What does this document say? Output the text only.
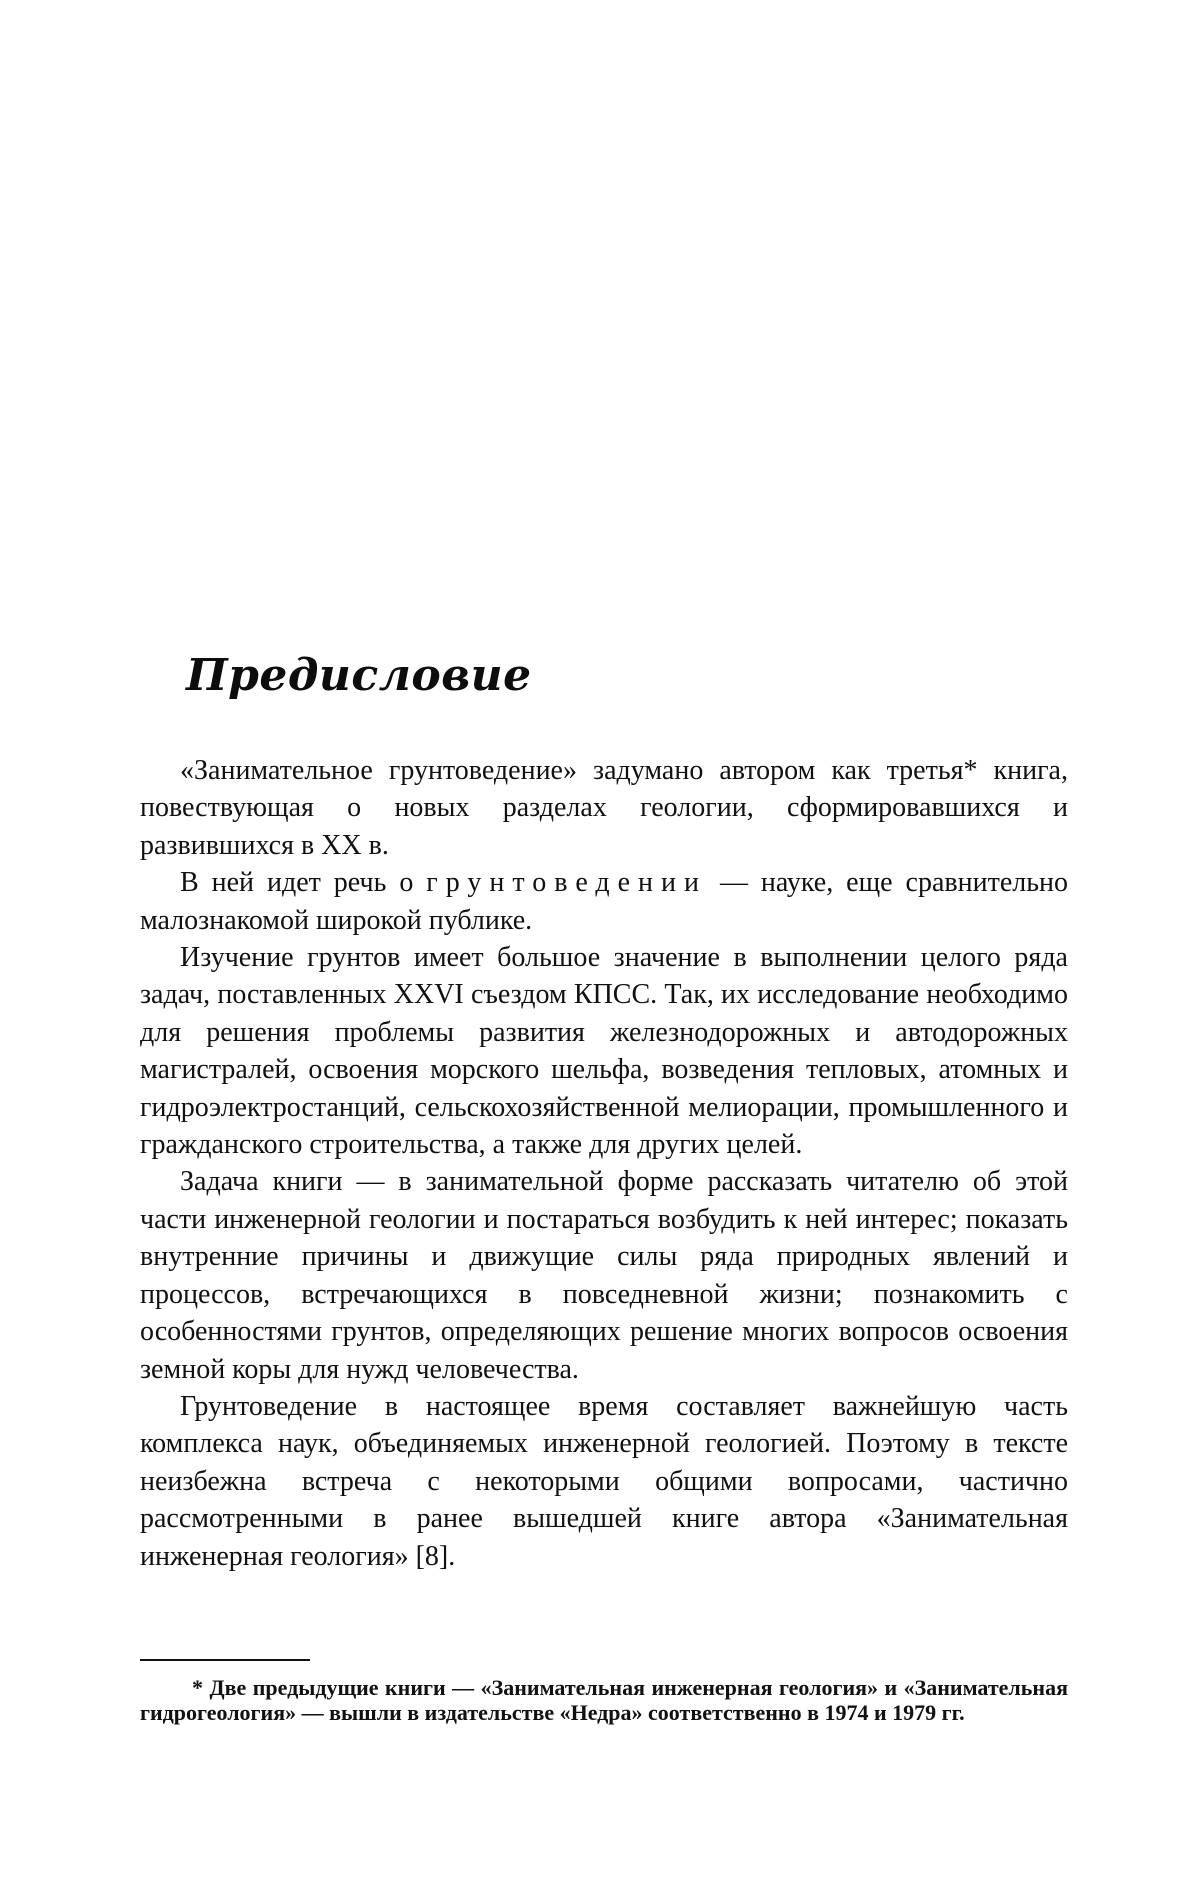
Предисловие

«Занимательное грунтоведение» задумано автором как третья* книга, повествующая о новых разделах геологии, сформировавшихся и развившихся в XX в.

В ней идет речь о грунтоведении — науке, еще сравнительно малознакомой широкой публике.

Изучение грунтов имеет большое значение в выполнении целого ряда задач, поставленных XXVI съездом КПСС. Так, их исследование необходимо для решения проблемы развития железнодорожных и автодорожных магистралей, освоения морского шельфа, возведения тепловых, атомных и гидроэлектростанций, сельскохозяйственной мелиорации, промышленного и гражданского строительства, а также для других целей.

Задача книги — в занимательной форме рассказать читателю об этой части инженерной геологии и постараться возбудить к ней интерес; показать внутренние причины и движущие силы ряда природных явлений и процессов, встречающихся в повседневной жизни; познакомить с особенностями грунтов, определяющих решение многих вопросов освоения земной коры для нужд человечества.

Грунтоведение в настоящее время составляет важнейшую часть комплекса наук, объединяемых инженерной геологией. Поэтому в тексте неизбежна встреча с некоторыми общими вопросами, частично рассмотренными в ранее вышедшей книге автора «Занимательная инженерная геология» [8].

* Две предыдущие книги — «Занимательная инженерная геология» и «Занимательная гидрогеология» — вышли в издательстве «Недра» соответственно в 1974 и 1979 гг.
